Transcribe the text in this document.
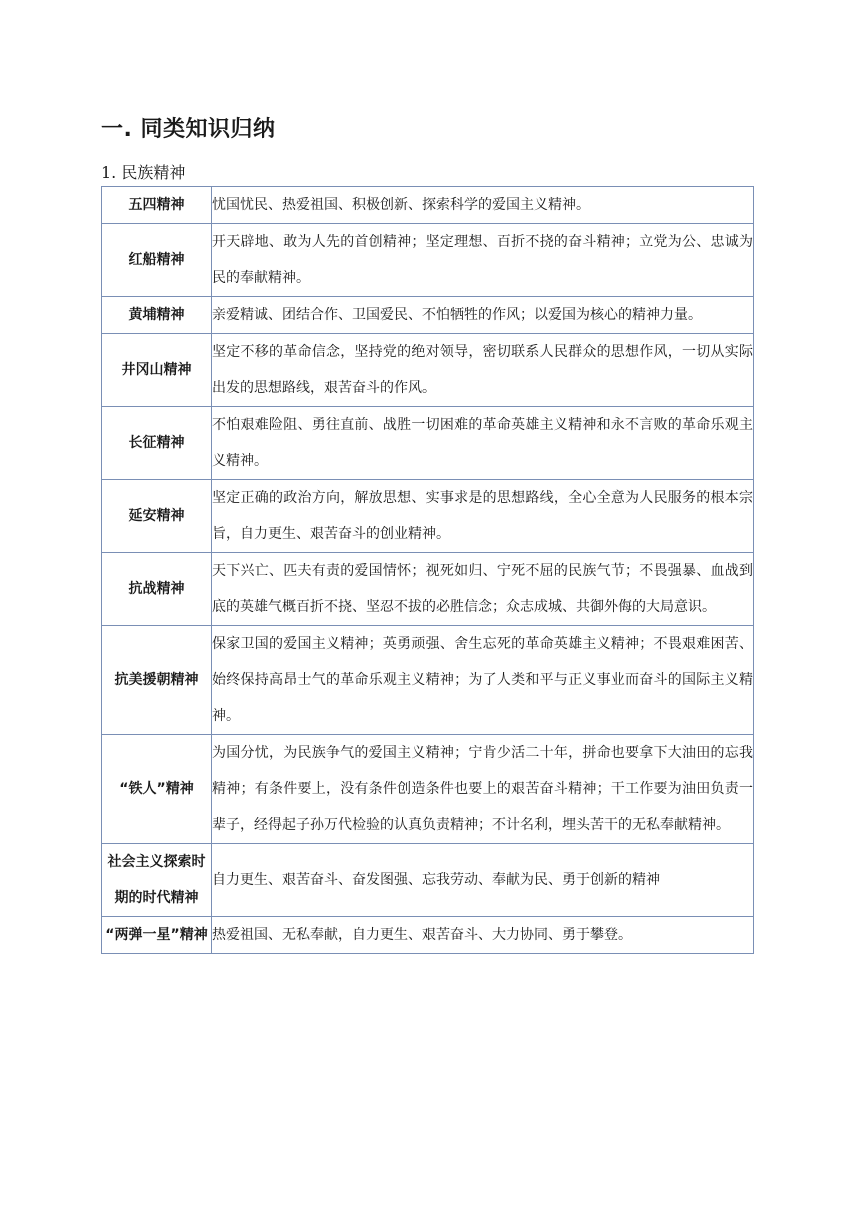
一. 同类知识归纳
1. 民族精神
五四精神	忧国忧民、热爱祖国、积极创新、探索科学的爱国主义精神。
红船精神	开天辟地、敢为人先的首创精神；坚定理想、百折不挠的奋斗精神；立党为公、忠诚为民的奉献精神。
黄埔精神	亲爱精诚、团结合作、卫国爱民、不怕牺牲的作风；以爱国为核心的精神力量。
井冈山精神	坚定不移的革命信念，坚持党的绝对领导，密切联系人民群众的思想作风，一切从实际出发的思想路线，艰苦奋斗的作风。
长征精神	不怕艰难险阻、勇往直前、战胜一切困难的革命英雄主义精神和永不言败的革命乐观主义精神。
延安精神	坚定正确的政治方向，解放思想、实事求是的思想路线，全心全意为人民服务的根本宗旨，自力更生、艰苦奋斗的创业精神。
抗战精神	天下兴亡、匹夫有责的爱国情怀；视死如归、宁死不屈的民族气节；不畏强暴、血战到底的英雄气概百折不挠、坚忍不拔的必胜信念；众志成城、共御外侮的大局意识。
抗美援朝精神	保家卫国的爱国主义精神；英勇顽强、舍生忘死的革命英雄主义精神；不畏艰难困苦、始终保持高昂士气的革命乐观主义精神；为了人类和平与正义事业而奋斗的国际主义精神。
“铁人”精神	为国分忧，为民族争气的爱国主义精神；宁肯少活二十年，拼命也要拿下大油田的忘我精神；有条件要上，没有条件创造条件也要上的艰苦奋斗精神；干工作要为油田负责一辈子，经得起子孙万代检验的认真负责精神；不计名利，埋头苦干的无私奉献精神。
社会主义探索时期的时代精神	自力更生、艰苦奋斗、奋发图强、忘我劳动、奉献为民、勇于创新的精神
“两弹一星”精神	热爱祖国、无私奉献，自力更生、艰苦奋斗、大力协同、勇于攀登。
